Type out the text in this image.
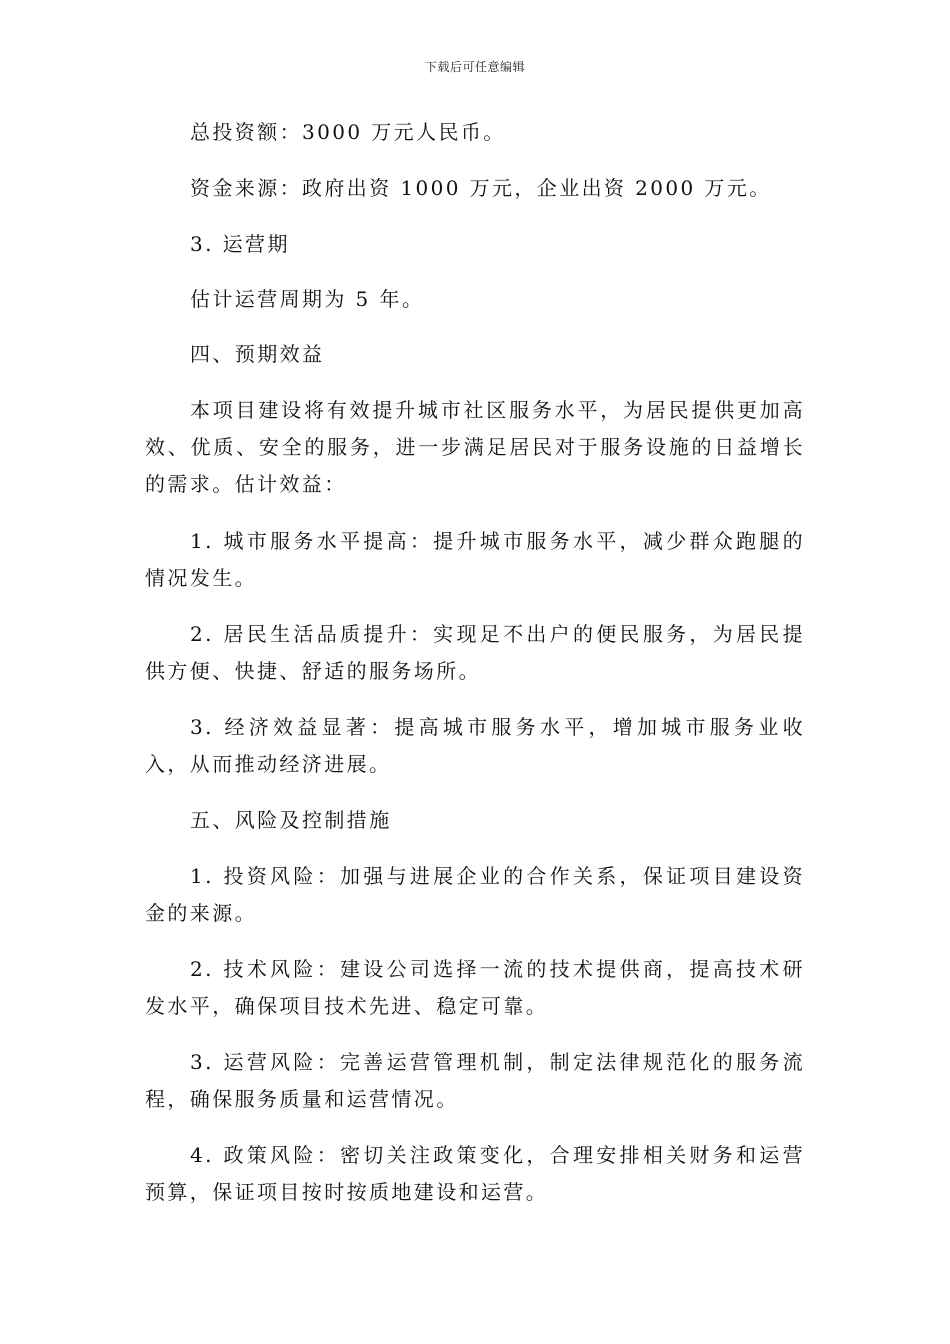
下载后可任意编辑

总投资额：3000 万元人民币。

资金来源：政府出资 1000 万元，企业出资 2000 万元。

3. 运营期

估计运营周期为 5 年。

四、预期效益

本项目建设将有效提升城市社区服务水平，为居民提供更加高效、优质、安全的服务，进一步满足居民对于服务设施的日益增长的需求。估计效益：

1. 城市服务水平提高：提升城市服务水平，减少群众跑腿的情况发生。

2. 居民生活品质提升：实现足不出户的便民服务，为居民提供方便、快捷、舒适的服务场所。

3. 经济效益显著：提高城市服务水平，增加城市服务业收入，从而推动经济进展。

五、风险及控制措施

1. 投资风险：加强与进展企业的合作关系，保证项目建设资金的来源。

2. 技术风险：建设公司选择一流的技术提供商，提高技术研发水平，确保项目技术先进、稳定可靠。

3. 运营风险：完善运营管理机制，制定法律规范化的服务流程，确保服务质量和运营情况。

4. 政策风险：密切关注政策变化，合理安排相关财务和运营预算，保证项目按时按质地建设和运营。
